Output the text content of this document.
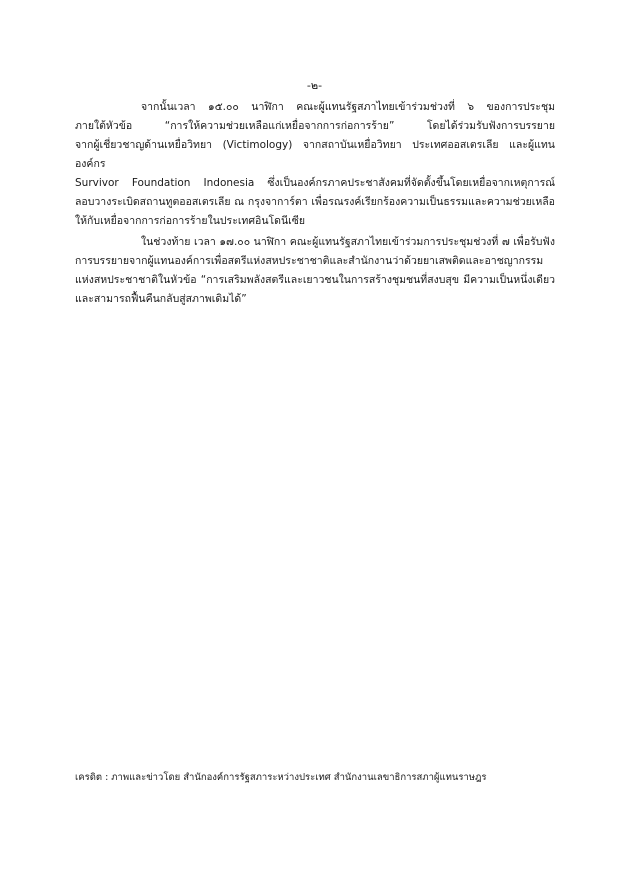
-๒-

จากนั้นเวลา ๑๕.๐๐ นาฬิกา คณะผู้แทนรัฐสภาไทยเข้าร่วมช่วงที่ ๖ ของการประชุม
ภายใต้หัวข้อ “การให้ความช่วยเหลือแก่เหยื่อจากการก่อการร้าย” โดยได้ร่วมรับฟังการบรรยาย
จากผู้เชี่ยวชาญด้านเหยื่อวิทยา (Victimology) จากสถาบันเหยื่อวิทยา ประเทศออสเตรเลีย และผู้แทนองค์กร
Survivor Foundation Indonesia ซึ่งเป็นองค์กรภาคประชาสังคมที่จัดตั้งขึ้นโดยเหยื่อจากเหตุการณ์
ลอบวางระเบิดสถานทูตออสเตรเลีย ณ กรุงจาการ์ตา เพื่อรณรงค์เรียกร้องความเป็นธรรมและความช่วยเหลือ
ให้กับเหยื่อจากการก่อการร้ายในประเทศอินโดนีเซีย

ในช่วงท้าย เวลา ๑๗.๐๐ นาฬิกา คณะผู้แทนรัฐสภาไทยเข้าร่วมการประชุมช่วงที่ ๗ เพื่อรับฟัง
การบรรยายจากผู้แทนองค์การเพื่อสตรีแห่งสหประชาชาติและสำนักงานว่าด้วยยาเสพติดและอาชญากรรม
แห่งสหประชาชาติในหัวข้อ “การเสริมพลังสตรีและเยาวชนในการสร้างชุมชนที่สงบสุข มีความเป็นหนึ่งเดียว
และสามารถฟื้นคืนกลับสู่สภาพเดิมได้”

เครดิต : ภาพและข่าวโดย สำนักองค์การรัฐสภาระหว่างประเทศ สำนักงานเลขาธิการสภาผู้แทนราษฎร
